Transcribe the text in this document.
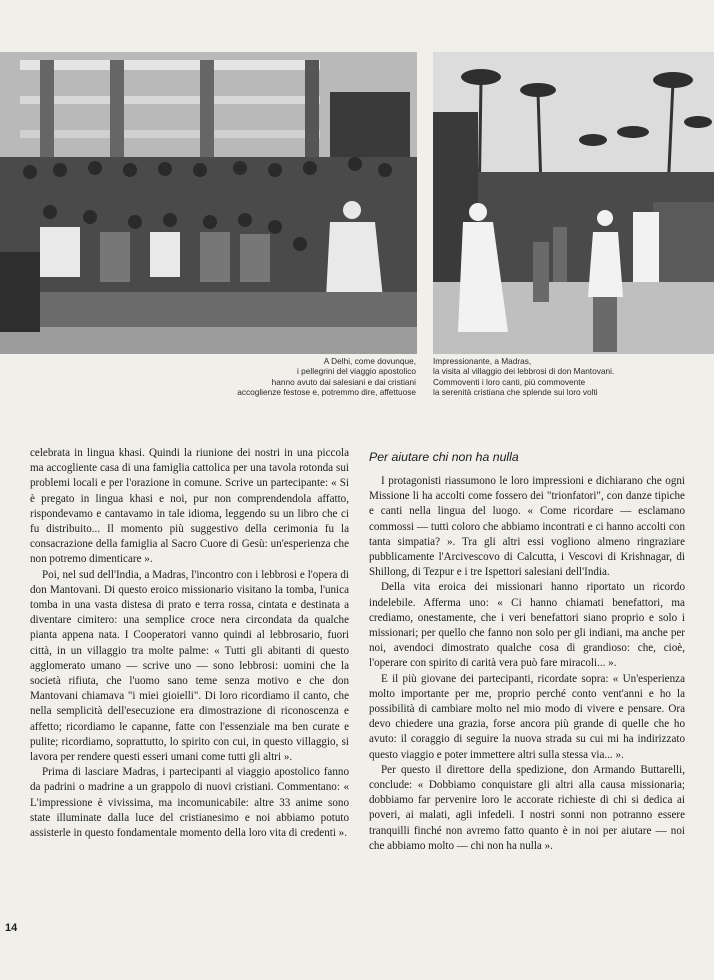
A Delhi, come dovunque,

i pellegrini del viaggio apostolico

hanno avuto dai salesiani e dai cristiani

accoglienze festose e, potremmo dire, affettuose

Impressionante, a Madras,

la visita al villaggio dei lebbrosi di don Mantovani.

Commoventi i loro canti, più commovente

la serenità cristiana che splende sui loro volti

celebrata in lingua khasi. Quindi la riunione dei nostri in una piccola ma accogliente casa di una famiglia cattolica per una tavola rotonda sui problemi locali e per l'orazione in comune. Scrive un partecipante: « Si è pregato in lingua khasi e noi, pur non comprendendola affatto, rispondevamo e cantavamo in tale idioma, leggendo su un libro che ci fu distribuito... Il momento più suggestivo della cerimonia fu la consacrazione della famiglia al Sacro Cuore di Gesù: un'esperienza che non potremo dimenticare ».

Poi, nel sud dell'India, a Madras, l'incontro con i lebbrosi e l'opera di don Mantovani. Di questo eroico missionario visitano la tomba, l'unica tomba in una vasta distesa di prato e terra rossa, cintata e destinata a diventare cimitero: una semplice croce nera circondata da qualche pianta appena nata. I Cooperatori vanno quindi al lebbrosario, fuori città, in un villaggio tra molte palme: « Tutti gli abitanti di questo agglomerato umano — scrive uno — sono lebbrosi: uomini che la società rifiuta, che l'uomo sano teme senza motivo e che don Mantovani chiamava "i miei gioielli". Di loro ricordiamo il canto, che nella semplicità dell'esecuzione era dimostrazione di riconoscenza e affetto; ricordiamo le capanne, fatte con l'essenziale ma ben curate e pulite; ricordiamo, soprattutto, lo spirito con cui, in questo villaggio, si lavora per rendere questi esseri umani come tutti gli altri ».

Prima di lasciare Madras, i partecipanti al viaggio apostolico fanno da padrini o madrine a un grappolo di nuovi cristiani. Commentano: « L'impressione è vivissima, ma incomunicabile: altre 33 anime sono state illuminate dalla luce del cristianesimo e noi abbiamo potuto assisterle in questo fondamentale momento della loro vita di credenti ».

Per aiutare chi non ha nulla

I protagonisti riassumono le loro impressioni e dichiarano che ogni Missione li ha accolti come fossero dei "trionfatori", con danze tipiche e canti nella lingua del luogo. « Come ricordare — esclamano commossi — tutti coloro che abbiamo incontrati e ci hanno accolti con tanta simpatia? ». Tra gli altri essi vogliono almeno ringraziare pubblicamente l'Arcivescovo di Calcutta, i Vescovi di Krishnagar, di Shillong, di Tezpur e i tre Ispettori salesiani dell'India.

Della vita eroica dei missionari hanno riportato un ricordo indelebile. Afferma uno: « Ci hanno chiamati benefattori, ma crediamo, onestamente, che i veri benefattori siano proprio e solo i missionari; per quello che fanno non solo per gli indiani, ma anche per noi, avendoci dimostrato qualche cosa di grandioso: che, cioè, l'operare con spirito di carità vera può fare miracoli... ».

E il più giovane dei partecipanti, ricordate sopra: « Un'esperienza molto importante per me, proprio perché conto vent'anni e ho la possibilità di cambiare molto nel mio modo di vivere e pensare. Ora devo chiedere una grazia, forse ancora più grande di quelle che ho avuto: il coraggio di seguire la nuova strada su cui mi ha indirizzato questo viaggio e poter immettere altri sulla stessa via... ».

Per questo il direttore della spedizione, don Armando Buttarelli, conclude: « Dobbiamo conquistare gli altri alla causa missionaria; dobbiamo far pervenire loro le accorate richieste di chi si dedica ai poveri, ai malati, agli infedeli. I nostri sonni non potranno essere tranquilli finché non avremo fatto quanto è in noi per aiutare — noi che abbiamo molto — chi non ha nulla ».

14
